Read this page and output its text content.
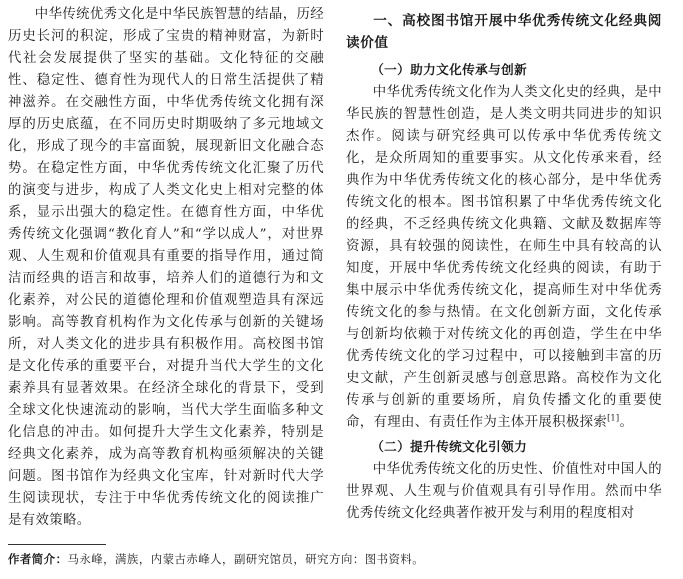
中华传统优秀文化是中华民族智慧的结晶，历经历史长河的积淀，形成了宝贵的精神财富，为新时代社会发展提供了坚实的基础。文化特征的交融性、稳定性、德育性为现代人的日常生活提供了精神滋养。在交融性方面，中华优秀传统文化拥有深厚的历史底蕴，在不同历史时期吸纳了多元地域文化，形成了现今的丰富面貌，展现新旧文化融合态势。在稳定性方面，中华优秀传统文化汇聚了历代的演变与进步，构成了人类文化史上相对完整的体系，显示出强大的稳定性。在德育性方面，中华优秀传统文化强调“教化育人”和“学以成人”，对世界观、人生观和价值观具有重要的指导作用，通过简洁而经典的语言和故事，培养人们的道德行为和文化素养，对公民的道德伦理和价值观塑造具有深远影响。高等教育机构作为文化传承与创新的关键场所，对人类文化的进步具有积极作用。高校图书馆是文化传承的重要平台，对提升当代大学生的文化素养具有显著效果。在经济全球化的背景下，受到全球文化快速流动的影响，当代大学生面临多种文化信息的冲击。如何提升大学生文化素养，特别是经典文化素养，成为高等教育机构亟须解决的关键问题。图书馆作为经典文化宝库，针对新时代大学生阅读现状，专注于中华优秀传统文化的阅读推广是有效策略。

一、高校图书馆开展中华优秀传统文化经典阅读价值

（一）助力文化传承与创新

中华优秀传统文化作为人类文化史的经典，是中华民族的智慧性创造，是人类文明共同进步的知识杰作。阅读与研究经典可以传承中华优秀传统文化，是众所周知的重要事实。从文化传承来看，经典作为中华优秀传统文化的核心部分，是中华优秀传统文化的根本。图书馆积累了中华优秀传统文化的经典，不乏经典传统文化典籍、文献及数据库等资源，具有较强的阅读性，在师生中具有较高的认知度，开展中华优秀传统文化经典的阅读，有助于集中展示中华优秀传统文化，提高师生对中华优秀传统文化的参与热情。在文化创新方面，文化传承与创新均依赖于对传统文化的再创造，学生在中华优秀传统文化的学习过程中，可以接触到丰富的历史文献，产生创新灵感与创意思路。高校作为文化传承与创新的重要场所，肩负传播文化的重要使命，有理由、有责任作为主体开展积极探索[1]。

（二）提升传统文化引领力

中华优秀传统文化的历史性、价值性对中国人的世界观、人生观与价值观具有引导作用。然而中华优秀传统文化经典著作被开发与利用的程度相对

作者简介：马永峰，满族，内蒙古赤峰人，副研究馆员，研究方向：图书资料。
